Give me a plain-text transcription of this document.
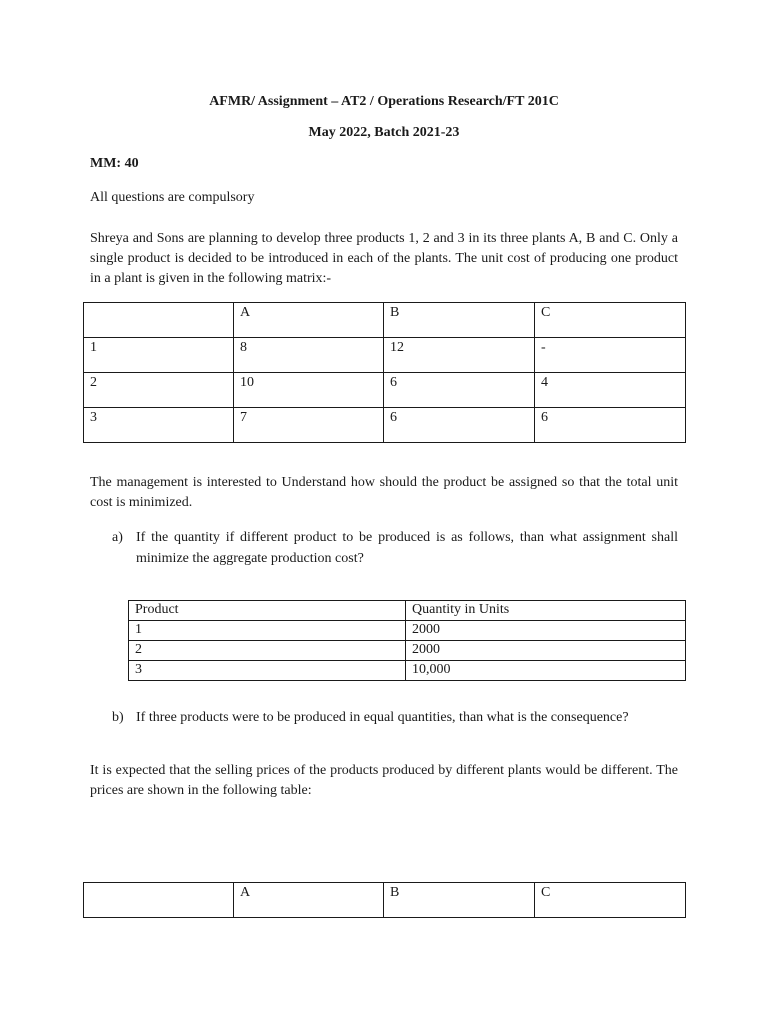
AFMR/ Assignment – AT2 / Operations Research/FT 201C
May 2022, Batch 2021-23
MM: 40
All questions are compulsory
Shreya and Sons are planning to develop three products 1, 2 and 3 in its three plants A, B and C. Only a single product is decided to be introduced in each of the plants. The unit cost of producing one product in a plant is given in the following matrix:-
	A	B	C
1	8	12	-
2	10	6	4
3	7	6	6
The management is interested to Understand how should the product be assigned so that the total unit cost is minimized.
a) If the quantity if different product to be produced is as follows, than what assignment shall minimize the aggregate production cost?
Product	Quantity in Units
1	2000
2	2000
3	10,000
b) If three products were to be produced in equal quantities, than what is the consequence?
It is expected that the selling prices of the products produced by different plants would be different. The prices are shown in the following table:
	A	B	C
